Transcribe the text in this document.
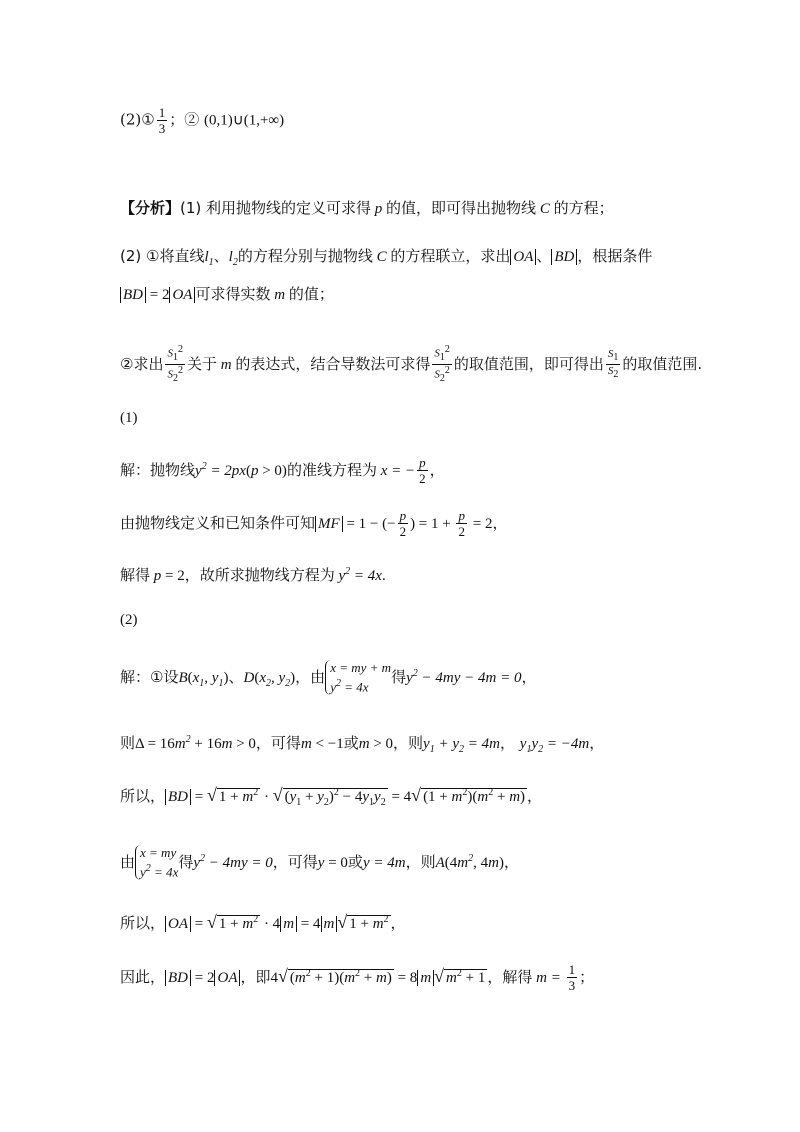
(2)① $\frac{1}{3}$ ；② (0,1)∪(1,+∞)
【分析】(1) 利用抛物线的定义可求得 p 的值，即可得出抛物线 C 的方程；
(2) ①将直线$l_1$、$l_2$的方程分别与抛物线 C 的方程联立，求出 OA 、 BD ，根据条件
BD = 2 OA 可求得实数 m 的值；
②求出 $\frac{S_1^2}{S_2^2}$ 关于 m 的表达式，结合导数法可求得 $\frac{S_1^2}{S_2^2}$ 的取值范围，即可得出 $\frac{S_1}{S_2}$ 的取值范围.
(1)
解：抛物线$y^2 = 2px(p > 0)$的准线方程为 x = − $\frac{p}{2}$ ，
由抛物线定义和已知条件可知 MF = 1 − (− $\frac{p}{2}$ ) = $1 + \frac{p}{2} = 2$，
解得 p = 2，故所求抛物线方程为 $y^2 = 4x$.
(2)
解：①设$B(x_1$, $y_1$)、$D(x_2$, $y_2$)，由
x = my + m
$y^2 = 4x$
得$y^2 - 4my - 4m = 0$，
则$\Delta = 16m^2 + 16m > 0$，可得m < −1或m > 0，则$y_1 + y_2 = 4m$， $y_1y_2 = -4m$，
所以， BD = √ $1 + m^2$ · √ $(y_1 + y_2)^2 - 4y_1y_2 = 4√$ $(1 + m^2)(m^2 + m)$ ，
由
x = my
$y^2 = 4x$
得$y^2 - 4my = 0$，可得y = 0或y = 4m，则$A(4m^2$, 4m)，
所以， OA = √ $1 + m^2 \cdot 4$ m = 4 m √ $1 + m^2$ ，
因此， BD = 2 OA ，即4√ $(m^2 + 1)(m^2 + m) = 8$ m √ $m^2 + 1$ ，解得 $m = \frac{1}{3}$ ；
